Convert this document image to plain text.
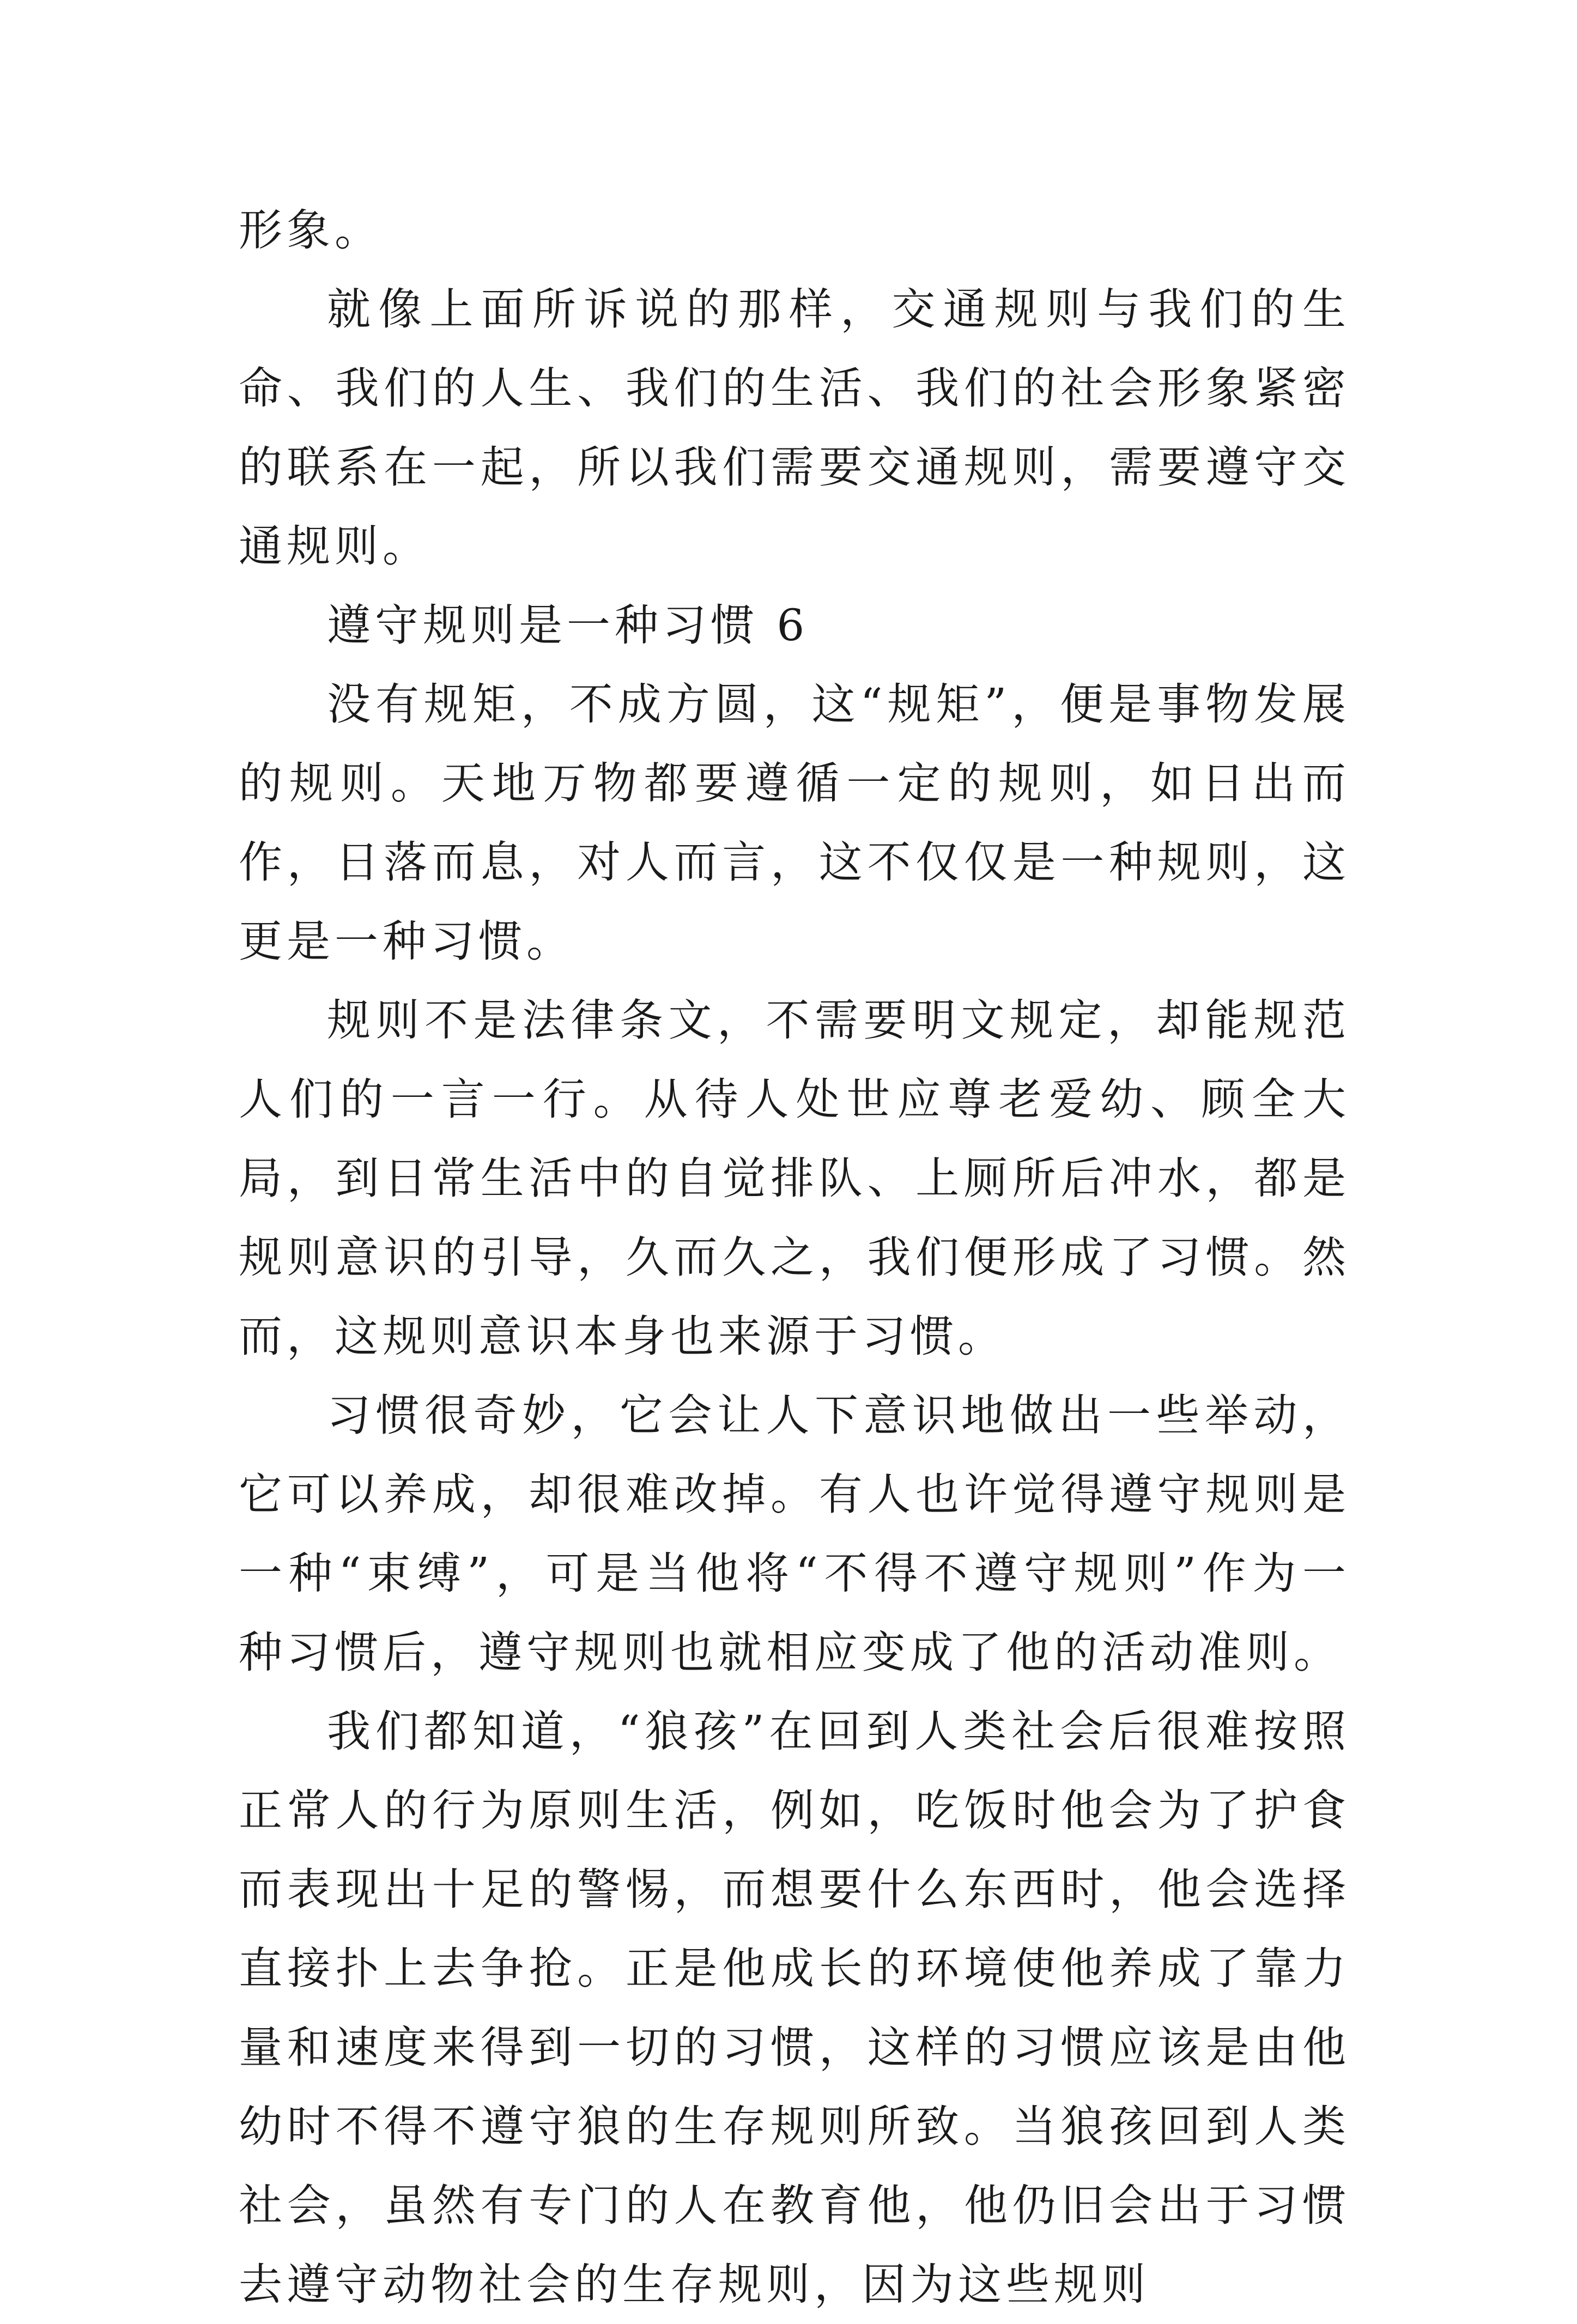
形象。

就像上面所诉说的那样，交通规则与我们的生命、我们的人生、我们的生活、我们的社会形象紧密的联系在一起，所以我们需要交通规则，需要遵守交通规则。

遵守规则是一种习惯 6

没有规矩，不成方圆，这“规矩”，便是事物发展的规则。天地万物都要遵循一定的规则，如日出而作，日落而息，对人而言，这不仅仅是一种规则，这更是一种习惯。

规则不是法律条文，不需要明文规定，却能规范人们的一言一行。从待人处世应尊老爱幼、顾全大局，到日常生活中的自觉排队、上厕所后冲水，都是规则意识的引导，久而久之，我们便形成了习惯。然而，这规则意识本身也来源于习惯。

习惯很奇妙，它会让人下意识地做出一些举动，它可以养成，却很难改掉。有人也许觉得遵守规则是一种“束缚”，可是当他将“不得不遵守规则”作为一种习惯后，遵守规则也就相应变成了他的活动准则。

我们都知道，“狼孩”在回到人类社会后很难按照正常人的行为原则生活，例如，吃饭时他会为了护食而表现出十足的警惕，而想要什么东西时，他会选择直接扑上去争抢。正是他成长的环境使他养成了靠力量和速度来得到一切的习惯，这样的习惯应该是由他幼时不得不遵守狼的生存规则所致。当狼孩回到人类社会，虽然有专门的人在教育他，他仍旧会出于习惯去遵守动物社会的生存规则，因为这些规则
